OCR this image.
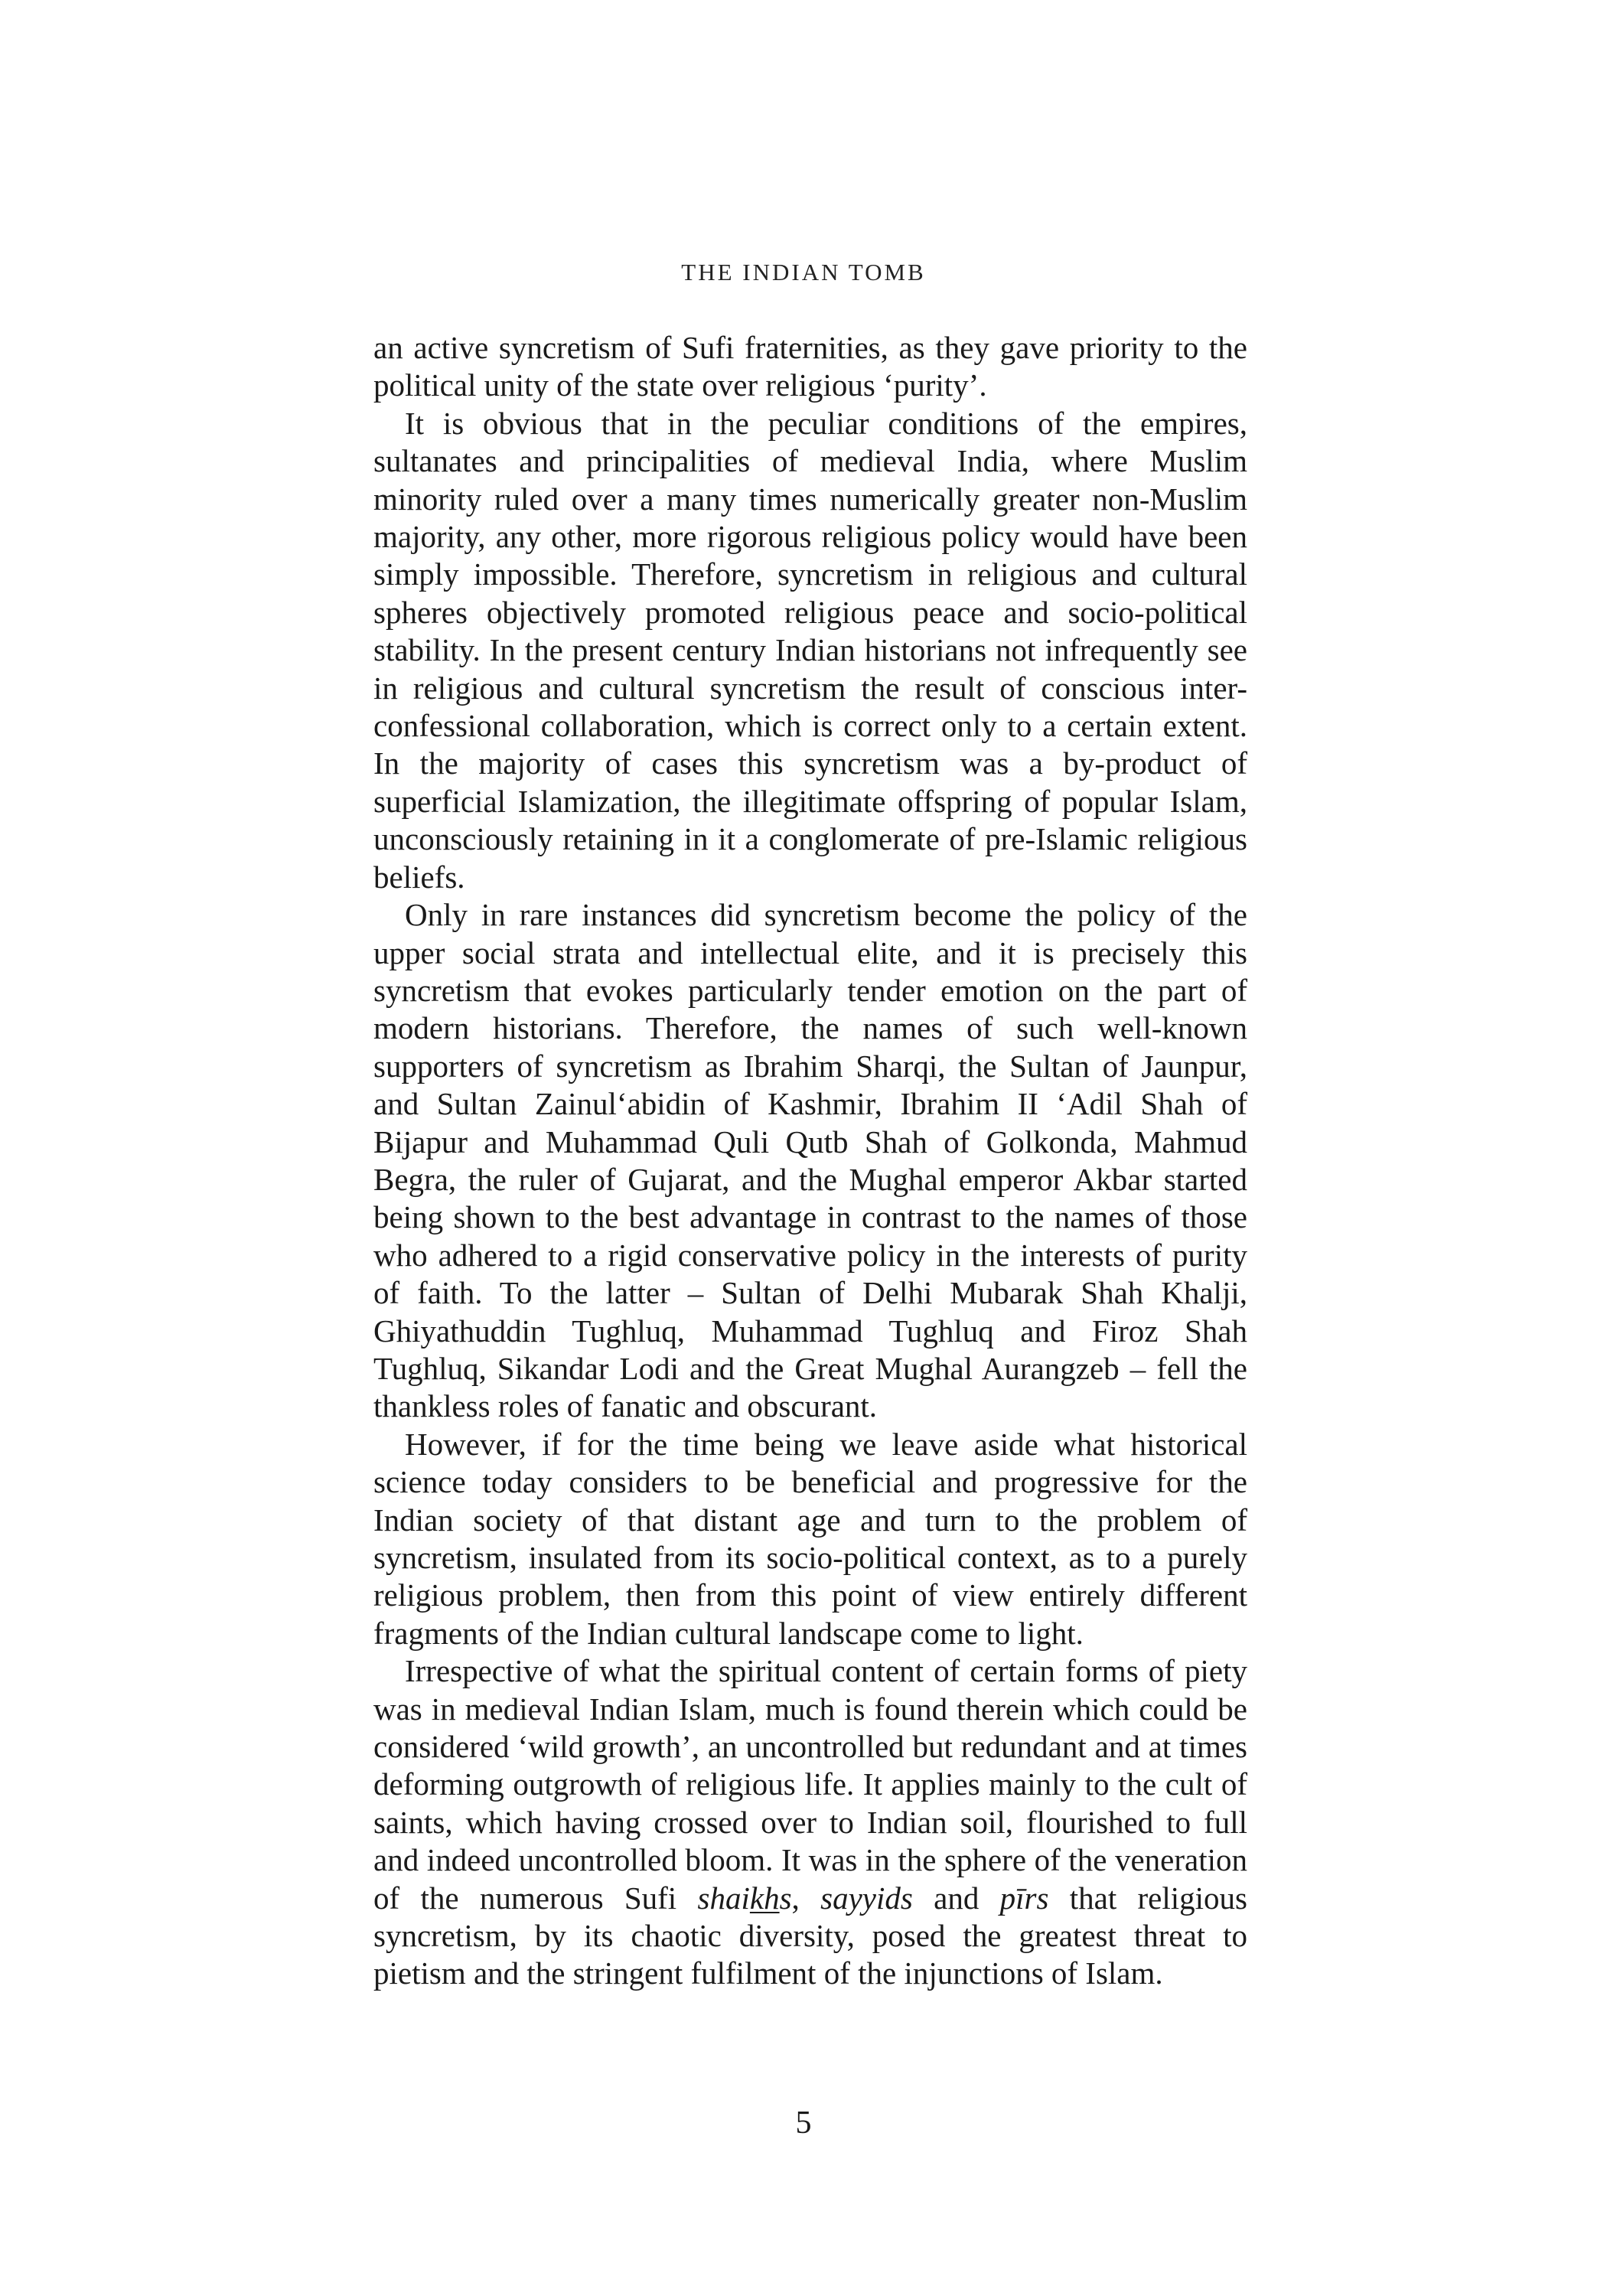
THE INDIAN TOMB

an active syncretism of Sufi fraternities, as they gave priority to the political unity of the state over religious ‘purity’.

It is obvious that in the peculiar conditions of the empires, sultanates and principalities of medieval India, where Muslim minority ruled over a many times numerically greater non-Muslim majority, any other, more rigorous religious policy would have been simply impossible. Therefore, syncretism in religious and cultural spheres objectively promoted religious peace and socio-political stability. In the present century Indian historians not infrequently see in religious and cultural syncretism the result of conscious inter-confessional collaboration, which is correct only to a certain extent. In the majority of cases this syncretism was a by-product of superficial Islamization, the illegitimate offspring of popular Islam, unconsciously retaining in it a conglomerate of pre-Islamic religious beliefs.

Only in rare instances did syncretism become the policy of the upper social strata and intellectual elite, and it is precisely this syncretism that evokes particularly tender emotion on the part of modern historians. Therefore, the names of such well-known supporters of syncretism as Ibrahim Sharqi, the Sultan of Jaunpur, and Sultan Zainul‘abidin of Kashmir, Ibrahim II ‘Adil Shah of Bijapur and Muhammad Quli Qutb Shah of Golkonda, Mahmud Begra, the ruler of Gujarat, and the Mughal emperor Akbar started being shown to the best advantage in contrast to the names of those who adhered to a rigid conservative policy in the interests of purity of faith. To the latter – Sultan of Delhi Mubarak Shah Khalji, Ghiyathuddin Tughluq, Muhammad Tughluq and Firoz Shah Tughluq, Sikandar Lodi and the Great Mughal Aurangzeb – fell the thankless roles of fanatic and obscurant.

However, if for the time being we leave aside what historical science today considers to be beneficial and progressive for the Indian society of that distant age and turn to the problem of syncretism, insulated from its socio-political context, as to a purely religious problem, then from this point of view entirely different fragments of the Indian cultural landscape come to light.

Irrespective of what the spiritual content of certain forms of piety was in medieval Indian Islam, much is found therein which could be considered ‘wild growth’, an uncontrolled but redundant and at times deforming outgrowth of religious life. It applies mainly to the cult of saints, which having crossed over to Indian soil, flourished to full and indeed uncontrolled bloom. It was in the sphere of the veneration of the numerous Sufi shaikhs, sayyids and pīrs that religious syncretism, by its chaotic diversity, posed the greatest threat to pietism and the stringent fulfilment of the injunctions of Islam.

5
